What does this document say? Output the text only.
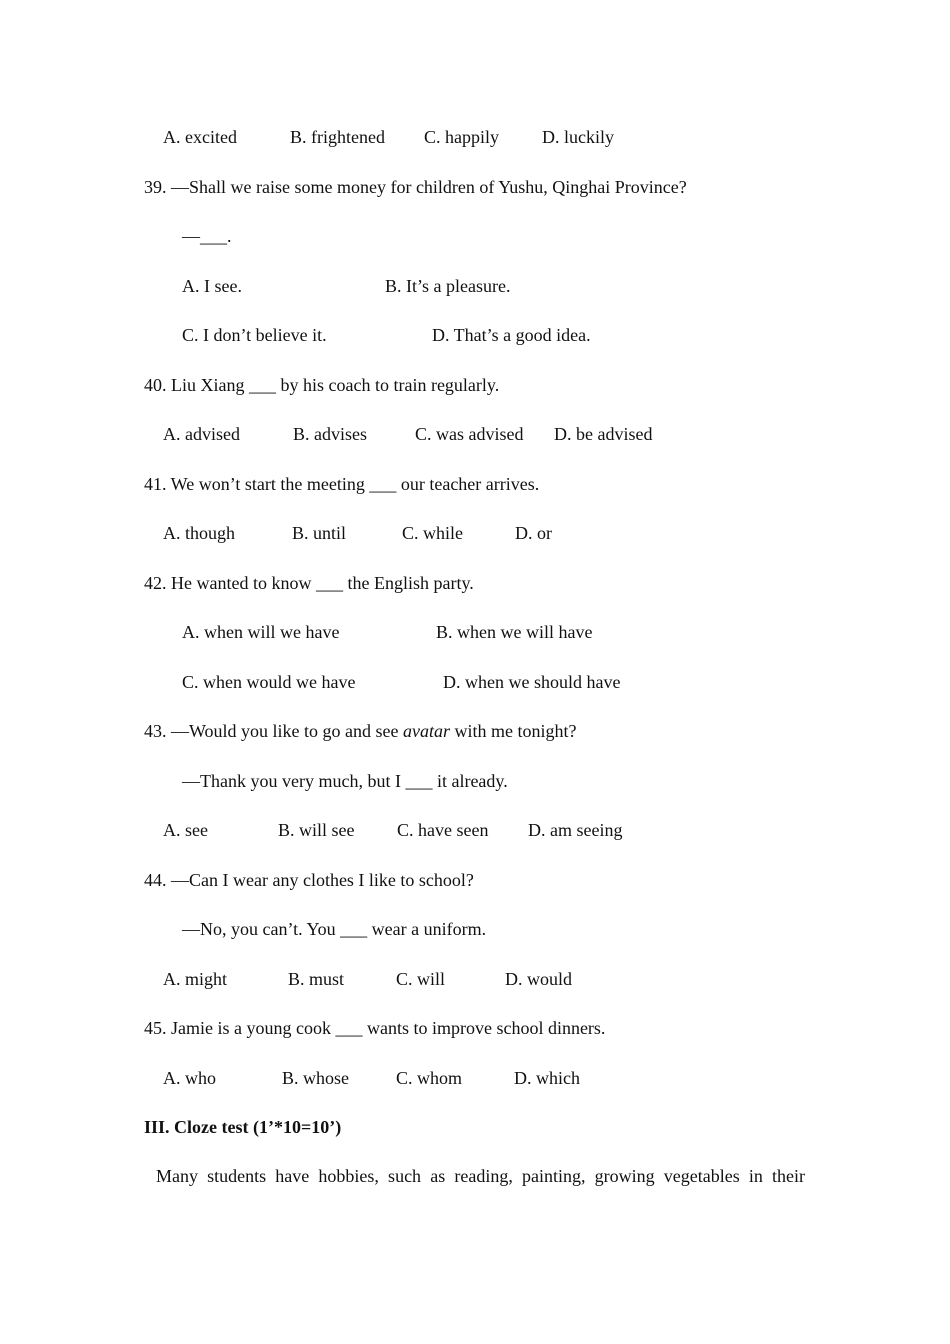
A. excited	B. frightened C. happily D. luckily
39. —Shall we raise some money for children of Yushu, Qinghai Province?
—___.
A. I see.	B. It’s a pleasure.
C. I don’t believe it.	D. That’s a good idea.
40. Liu Xiang ___ by his coach to train regularly.
A. advised	B. advises	C. was advised D. be advised
41. We won’t start the meeting ___ our teacher arrives.
A. though	B. until	C. while	D. or
42. He wanted to know ___ the English party.
A. when will we have	B. when we will have
C. when would we have	D. when we should have
43. —Would you like to go and see avatar with me tonight?
—Thank you very much, but I ___ it already.
A. see	B. will see C. have seen D. am seeing
44. —Can I wear any clothes I like to school?
—No, you can’t. You ___ wear a uniform.
A. might	B. must	C. will	D. would
45. Jamie is a young cook ___ wants to improve school dinners.
A. who	B. whose	C. whom	D. which
III. Cloze test (1’*10=10’)
Many students have hobbies, such as reading, painting, growing vegetables in their
